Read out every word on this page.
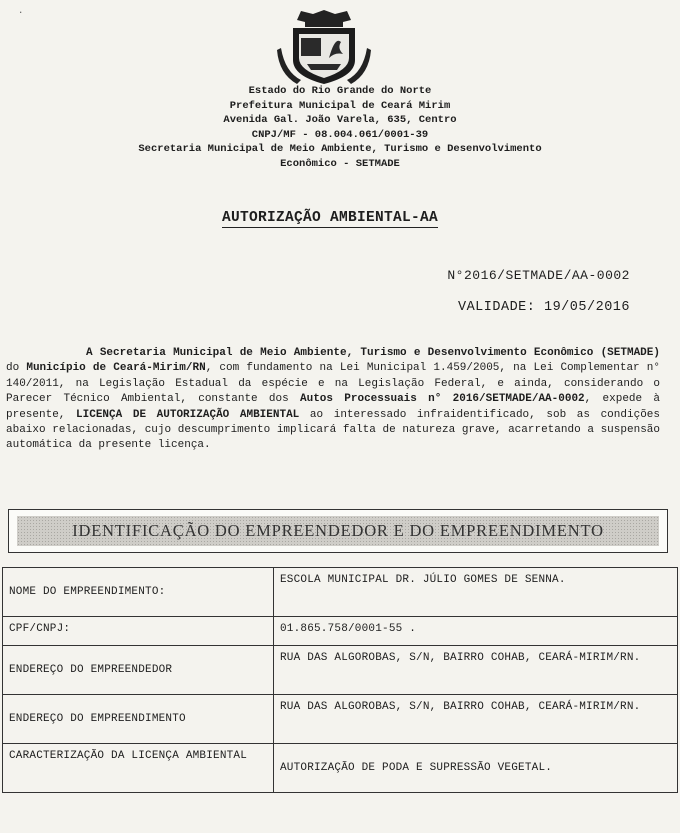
·
Estado do Rio Grande do Norte
Prefeitura Municipal de Ceará Mirim
Avenida Gal. João Varela, 635, Centro
CNPJ/MF - 08.004.061/0001-39
Secretaria Municipal de Meio Ambiente, Turismo e Desenvolvimento
Econômico - SETMADE
AUTORIZAÇÃO AMBIENTAL-AA
N°2016/SETMADE/AA-0002
VALIDADE: 19/05/2016

A Secretaria Municipal de Meio Ambiente, Turismo e Desenvolvimento Econômico (SETMADE) do Município de Ceará-Mirim/RN, com fundamento na Lei Municipal 1.459/2005, na Lei Complementar n° 140/2011, na Legislação Estadual da espécie e na Legislação Federal, e ainda, considerando o Parecer Técnico Ambiental, constante dos Autos Processuais n° 2016/SETMADE/AA-0002, expede à presente, LICENÇA DE AUTORIZAÇÃO AMBIENTAL ao interessado infraidentificado, sob as condições abaixo relacionadas, cujo descumprimento implicará falta de natureza grave, acarretando a suspensão automática da presente licença.

IDENTIFICAÇÃO DO EMPREENDEDOR E DO EMPREENDIMENTO
NOME DO EMPREENDIMENTO:	ESCOLA MUNICIPAL DR. JÚLIO GOMES DE SENNA.
CPF/CNPJ:	01.865.758/0001-55 .
ENDEREÇO DO EMPREENDEDOR	RUA DAS ALGOROBAS, S/N, BAIRRO COHAB, CEARÁ-MIRIM/RN.
ENDEREÇO DO EMPREENDIMENTO	RUA DAS ALGOROBAS, S/N, BAIRRO COHAB, CEARÁ-MIRIM/RN.
CARACTERIZAÇÃO DA LICENÇA AMBIENTAL	AUTORIZAÇÃO DE PODA E SUPRESSÃO VEGETAL.
